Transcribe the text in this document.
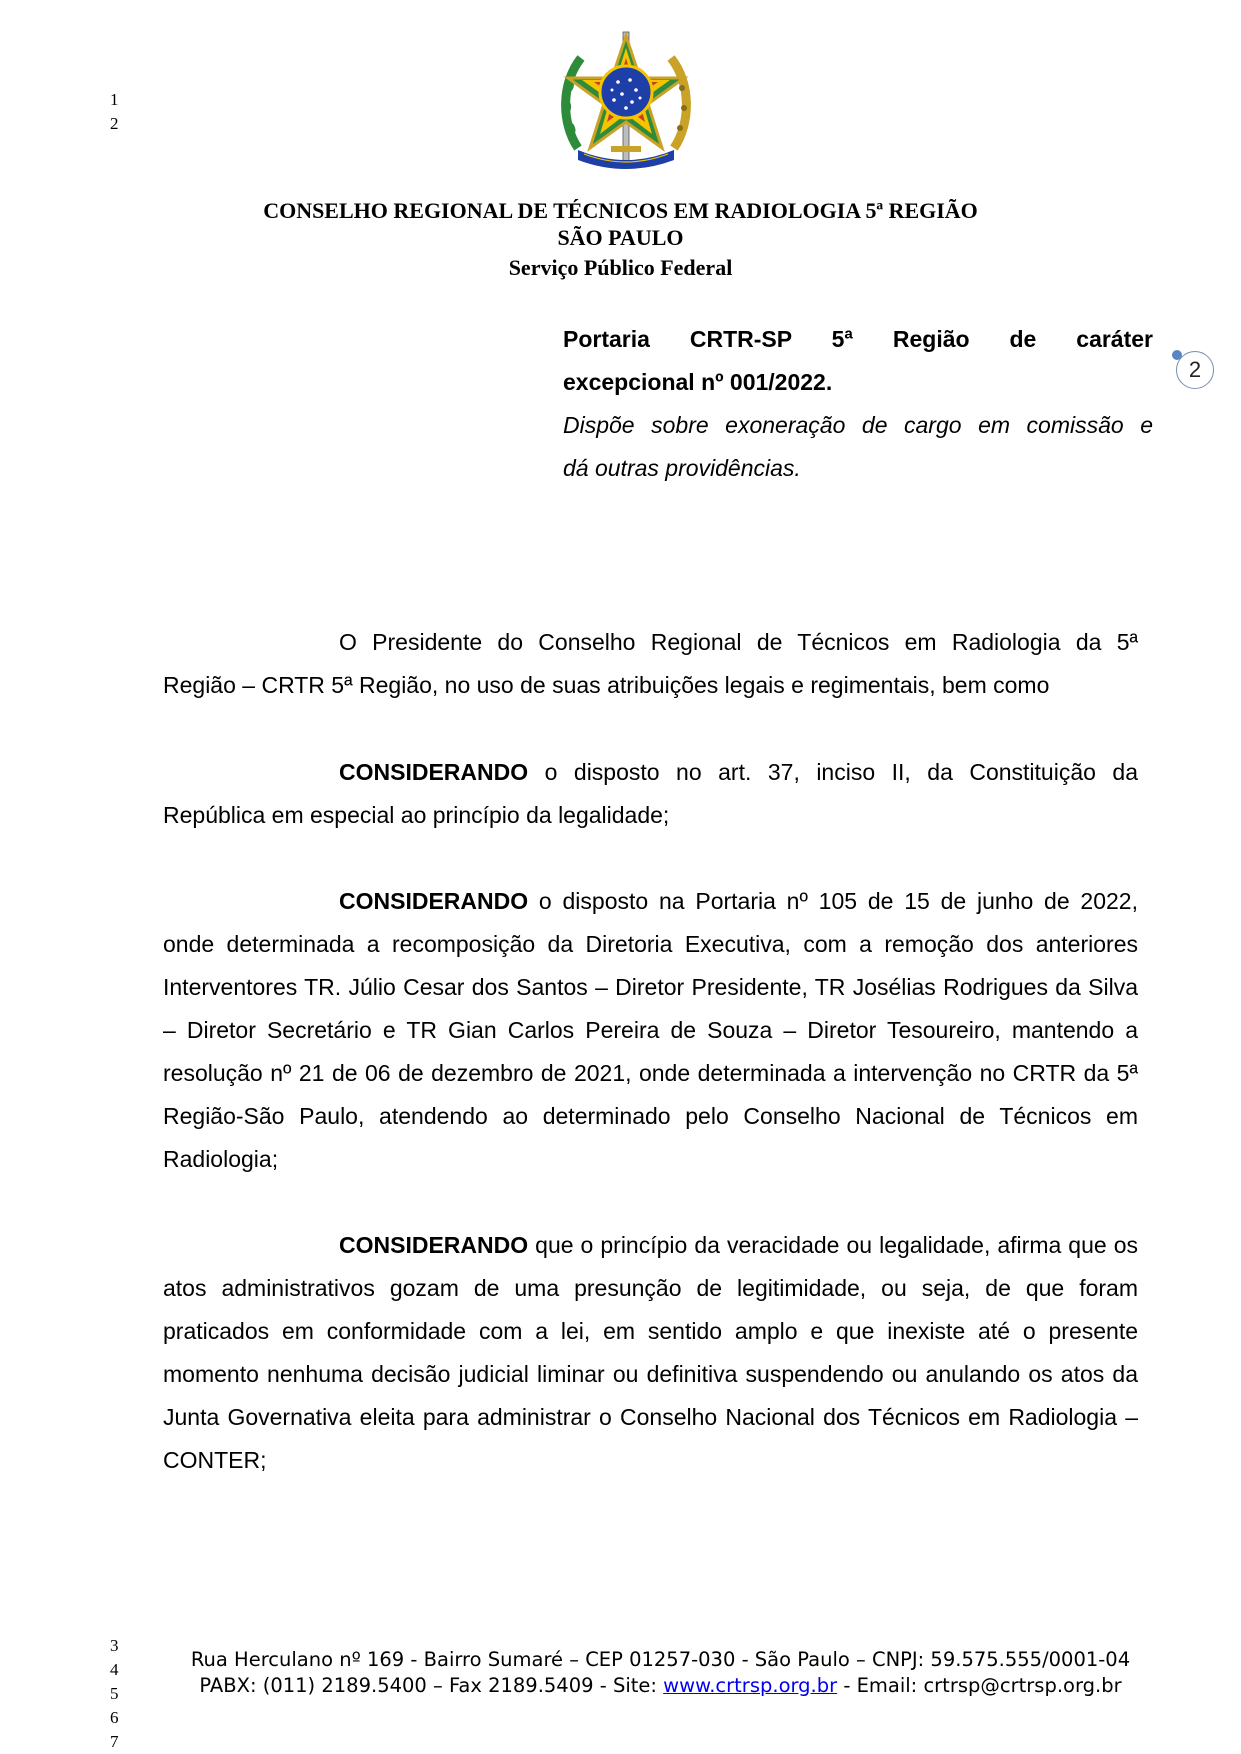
1
2
CONSELHO REGIONAL DE TÉCNICOS EM RADIOLOGIA 5ª REGIÃO
SÃO PAULO
Serviço Público Federal
Portaria CRTR-SP 5ª Região de caráter
excepcional nº 001/2022.
Dispõe sobre exoneração de cargo em comissão e
dá outras providências.
2
O Presidente do Conselho Regional de Técnicos em Radiologia da 5ª
Região – CRTR 5ª Região, no uso de suas atribuições legais e regimentais, bem como
CONSIDERANDO o disposto no art. 37, inciso II, da Constituição da
República em especial ao princípio da legalidade;
CONSIDERANDO o disposto na Portaria nº 105 de 15 de junho de 2022, onde determinada a recomposição da Diretoria Executiva, com a remoção dos anteriores Interventores TR. Júlio Cesar dos Santos – Diretor Presidente, TR Josélias Rodrigues da Silva – Diretor Secretário e TR Gian Carlos Pereira de Souza – Diretor Tesoureiro, mantendo a resolução nº 21 de 06 de dezembro de 2021, onde determinada a intervenção no CRTR da 5ª Região-São Paulo, atendendo ao determinado pelo Conselho Nacional de Técnicos em Radiologia;
CONSIDERANDO que o princípio da veracidade ou legalidade, afirma que os atos administrativos gozam de uma presunção de legitimidade, ou seja, de que foram praticados em conformidade com a lei, em sentido amplo e que inexiste até o presente momento nenhuma decisão judicial liminar ou definitiva suspendendo ou anulando os atos da Junta Governativa eleita para administrar o Conselho Nacional dos Técnicos em Radiologia – CONTER;
3
4
5
6
7
Rua Herculano nº 169 - Bairro Sumaré – CEP 01257-030 - São Paulo – CNPJ: 59.575.555/0001-04
PABX: (011) 2189.5400 – Fax 2189.5409 - Site: www.crtrsp.org.br - Email: crtrsp@crtrsp.org.br
